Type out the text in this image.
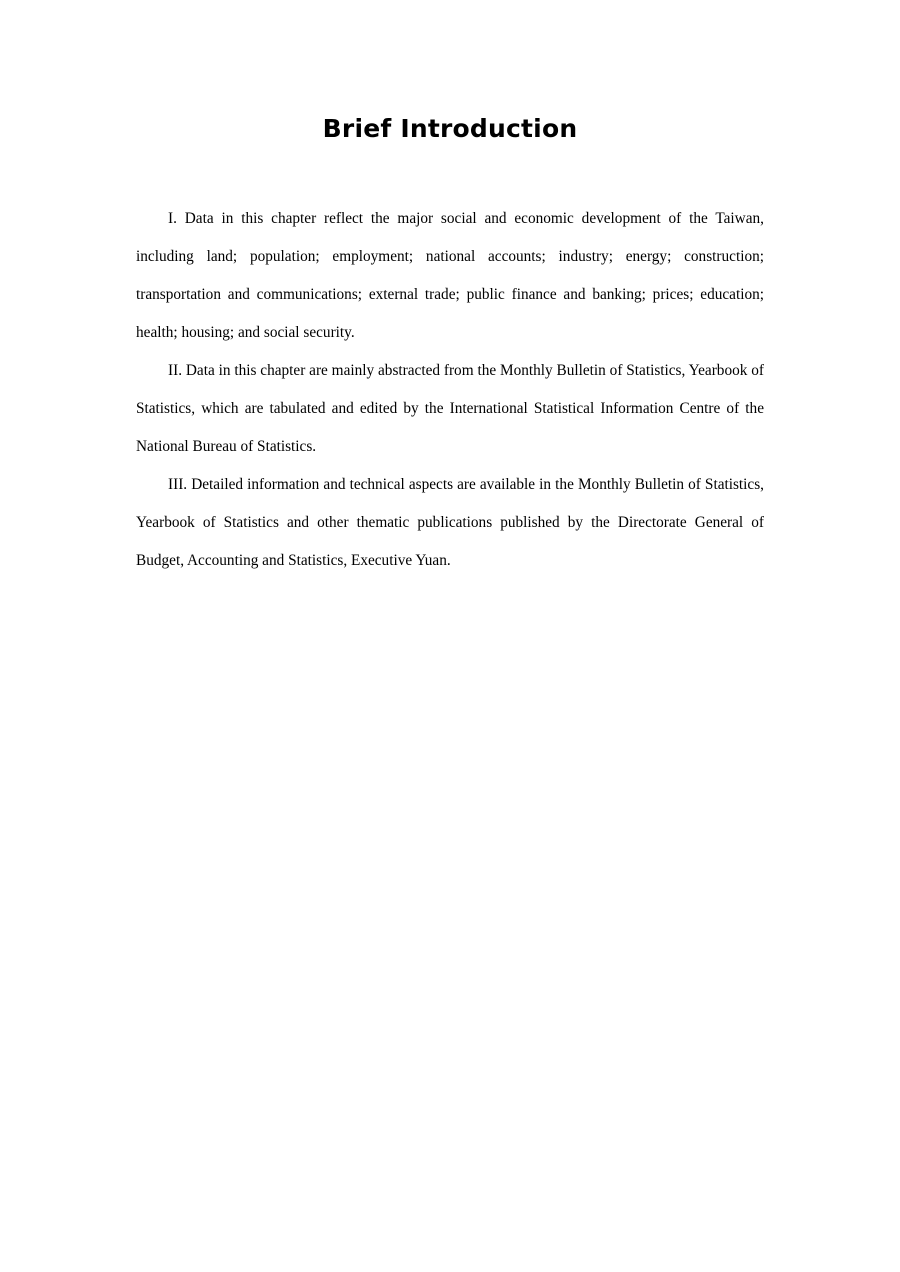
Brief Introduction

I. Data in this chapter reflect the major social and economic development of the Taiwan, including land; population; employment; national accounts; industry; energy; construction; transportation and communications; external trade; public finance and banking; prices; education; health; housing; and social security.

II. Data in this chapter are mainly abstracted from the Monthly Bulletin of Statistics, Yearbook of Statistics, which are tabulated and edited by the International Statistical Information Centre of the National Bureau of Statistics.

III. Detailed information and technical aspects are available in the Monthly Bulletin of Statistics, Yearbook of Statistics and other thematic publications published by the Directorate General of Budget, Accounting and Statistics, Executive Yuan.
